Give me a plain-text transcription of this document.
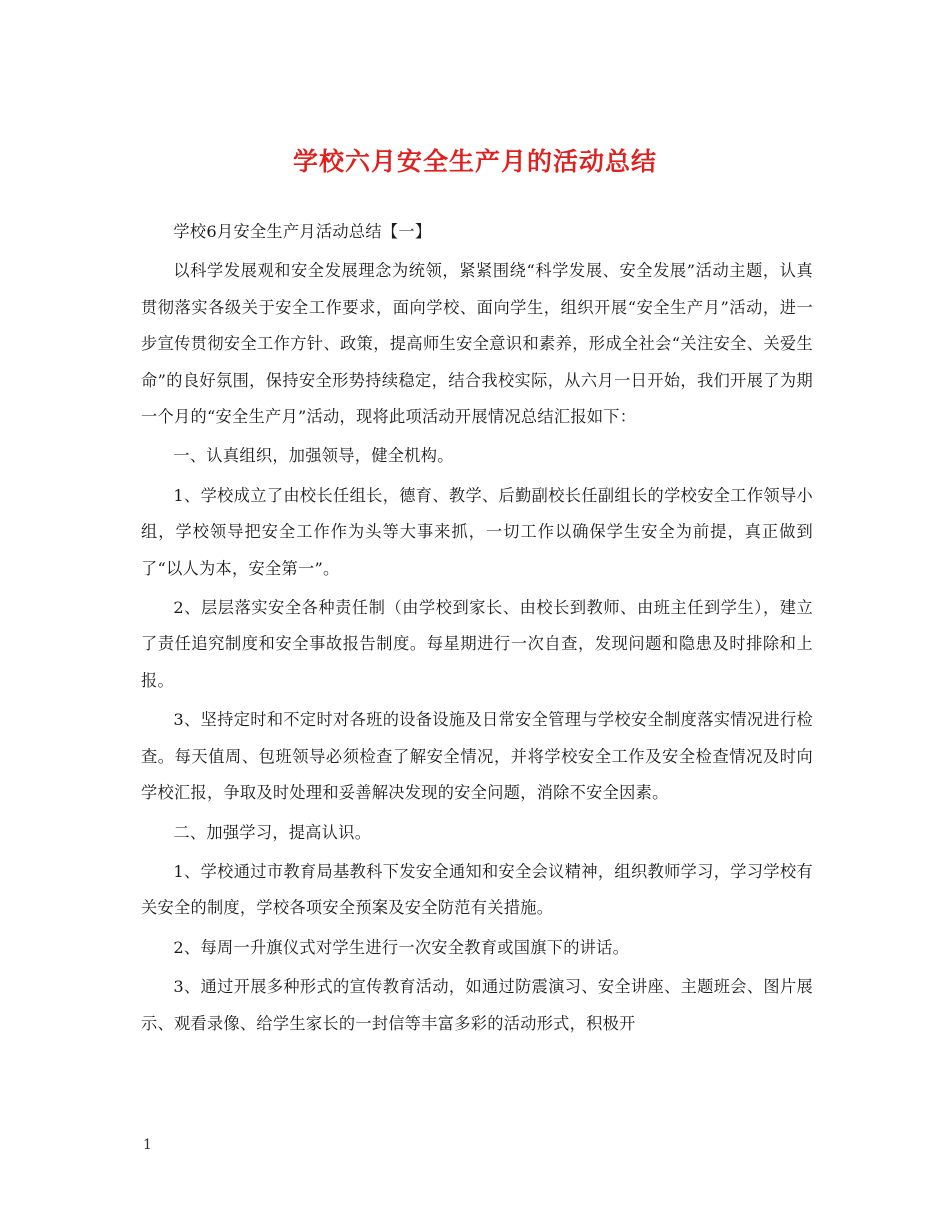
学校六月安全生产月的活动总结

学校6月安全生产月活动总结【一】

以科学发展观和安全发展理念为统领，紧紧围绕“科学发展、安全发展”活动主题，认真贯彻落实各级关于安全工作要求，面向学校、面向学生，组织开展“安全生产月”活动，进一步宣传贯彻安全工作方针、政策，提高师生安全意识和素养，形成全社会“关注安全、关爱生命”的良好氛围，保持安全形势持续稳定，结合我校实际，从六月一日开始，我们开展了为期一个月的“安全生产月”活动，现将此项活动开展情况总结汇报如下：

一、认真组织，加强领导，健全机构。

1、学校成立了由校长任组长，德育、教学、后勤副校长任副组长的学校安全工作领导小组，学校领导把安全工作作为头等大事来抓，一切工作以确保学生安全为前提，真正做到了“以人为本，安全第一”。

2、层层落实安全各种责任制（由学校到家长、由校长到教师、由班主任到学生），建立了责任追究制度和安全事故报告制度。每星期进行一次自查，发现问题和隐患及时排除和上报。

3、坚持定时和不定时对各班的设备设施及日常安全管理与学校安全制度落实情况进行检查。每天值周、包班领导必须检查了解安全情况，并将学校安全工作及安全检查情况及时向学校汇报，争取及时处理和妥善解决发现的安全问题，消除不安全因素。

二、加强学习，提高认识。

1、学校通过市教育局基教科下发安全通知和安全会议精神，组织教师学习，学习学校有关安全的制度，学校各项安全预案及安全防范有关措施。

2、每周一升旗仪式对学生进行一次安全教育或国旗下的讲话。

3、通过开展多种形式的宣传教育活动，如通过防震演习、安全讲座、主题班会、图片展示、观看录像、给学生家长的一封信等丰富多彩的活动形式，积极开

1
